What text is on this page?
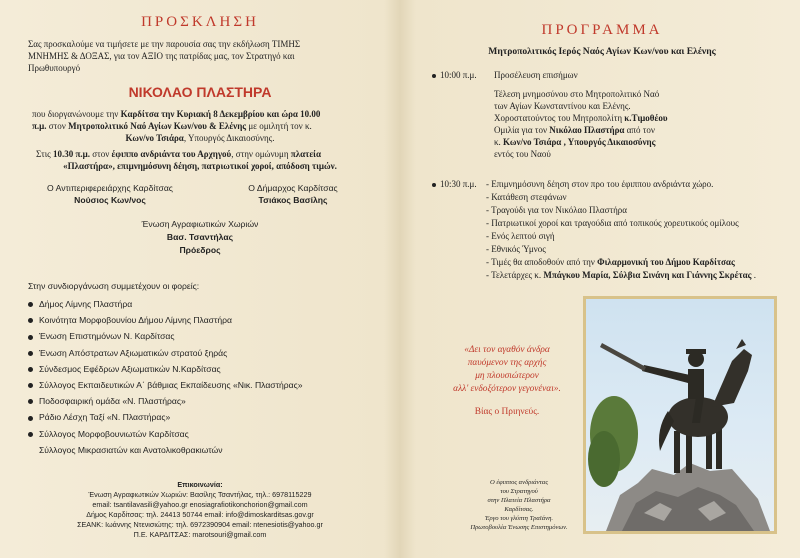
ΠΡΟΣΚΛΗΣΗ
Σας προσκαλούμε να τιμήσετε με την παρουσία σας την εκδήλωση ΤΙΜΗΣ
ΜΝΗΜΗΣ & ΔΟΞΑΣ, για τον ΑΞΙΟ της πατρίδας μας, τον Στρατηγό και
Πρωθυπουργό
ΝΙΚΟΛΑΟ ΠΛΑΣΤΗΡΑ
που διοργανώνουμε την Καρδίτσα την Κυριακή 8 Δεκεμβρίου και ώρα 10.00
π.μ. στον Μητροπολιτικό Ναό Αγίων Κων/νου & Ελένης με ομιλητή τον κ.
Κων/νο Τσιάρα, Υπουργός Δικαιοσύνης.
Στις 10.30 π.μ. στον έφιππο ανδριάντα του Αρχηγού, στην ομώνυμη πλατεία
«Πλαστήρα», επιμνημόσυνη δέηση, πατριωτικοί χοροί, απόδοση τιμών.
Ο Αντιπεριφερειάρχης Καρδίτσας
Νούσιος Κων/νος
Ο Δήμαρχος Καρδίτσας
Τσιάκος Βασίλης
Ένωση Αγραφιωτικών Χωριών
Βασ. Τσαντήλας
Πρόεδρος
Στην συνδιοργάνωση συμμετέχουν οι φορείς:
Δήμος Λίμνης Πλαστήρα
Κοινότητα Μορφοβουνίου Δήμου Λίμνης Πλαστήρα
Ένωση Επιστημόνων Ν. Καρδίτσας
Ένωση Απόστρατων Αξιωματικών στρατού ξηράς
Σύνδεσμος Εφέδρων Αξιωματικών Ν.Καρδίτσας
Σύλλογος Εκπαιδευτικών Α΄ βάθμιας Εκπαίδευσης «Νικ. Πλαστήρας»
Ποδοσφαιρική ομάδα «Ν. Πλαστήρας»
Ράδιο Λέσχη Ταξί «Ν. Πλαστήρας»
Σύλλογος Μορφοβουνιωτών Καρδίτσας
Σύλλογος Μικρασιατών και Ανατολικοθρακιωτών
Επικοινωνία:
Ένωση Αγραφιωτικών Χωριών: Βασίλης Τσαντήλας, τηλ.: 6978115229
email: tsantilavasili@yahoo.gr enosiagrafiotikonchorion@gmail.com
Δήμος Καρδίτσας: τηλ. 24413 50744 email: info@dimoskarditsas.gov.gr
ΣΕΑΝΚ: Ιωάννης Ντενισιώτης: τηλ. 6972390904 email: ntenesiotis@yahoo.gr
Π.Ε. ΚΑΡΔΙΤΣΑΣ: marotsouri@gmail.com
ΠΡΟΓΡΑΜΜΑ
Μητροπολιτικός Ιερός Ναός Αγίων Κων/νου και Ελένης
10:00 π.μ. Προσέλευση επισήμων
Τέλεση μνημοσύνου στο Μητροπολιτικό Ναό
των Αγίων Κωνσταντίνου και Ελένης.
Χοροστατούντος του Μητροπολίτη κ.Τιμοθέου
Ομιλία για τον Νικόλαο Πλαστήρα από τον
κ. Κων/νο Τσιάρα , Υπουργός Δικαιοσύνης
εντός του Ναού
10:30 π.μ. - Επιμνημόσυνη δέηση στον προ του έφιππου ανδριάντα χώρο.
- Κατάθεση στεφάνων
- Τραγούδι για τον Νικόλαο Πλαστήρα
- Πατριωτικοί χοροί και τραγούδια από τοπικούς χορευτικούς ομίλους
- Ενός λεπτού σιγή
- Εθνικός Ύμνος
- Τιμές θα αποδοθούν από την Φιλαρμονική του Δήμου Καρδίτσας
- Τελετάρχες κ. Μπάγκου Μαρία, Σύλβια Σινάνη και Γιάννης Σκρέτας .
«Δει τον αγαθόν άνδρα
παυόμενον της αρχής
μη πλουσιώτερον
αλλ' ενδοξότερον γεγονέναι».
Βίας ο Πριηνεύς.
Ο έφιππος ανδριάντας
του Στρατηγού
στην Πλατεία Πλαστήρα
Καρδίτσας.
Έργο του γλύπτη Τραϊάνη.
Πρωτοβουλία Ένωσης Επιστημόνων.
